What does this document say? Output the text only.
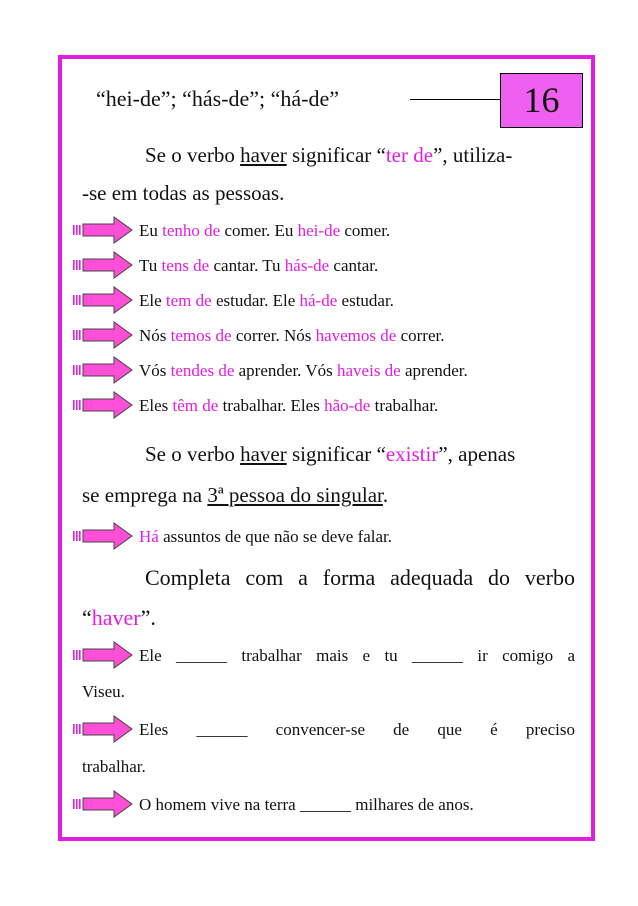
“hei-de”; “hás-de”; “há-de”	16
Se o verbo haver significar “ter de”, utiliza-
-se em todas as pessoas.
Eu tenho de comer. Eu hei-de comer.
Tu tens de cantar. Tu hás-de cantar.
Ele tem de estudar. Ele há-de estudar.
Nós temos de correr. Nós havemos de correr.
Vós tendes de aprender. Vós haveis de aprender.
Eles têm de trabalhar. Eles hão-de trabalhar.
Se o verbo haver significar “existir”, apenas
se emprega na 3ª pessoa do singular.
Há assuntos de que não se deve falar.
Completa com a forma adequada do verbo
“haver”.
Ele ______ trabalhar mais e tu ______ ir comigo a
Viseu.
Eles ______ convencer-se de que é preciso
trabalhar.
O homem vive na terra ______ milhares de anos.
